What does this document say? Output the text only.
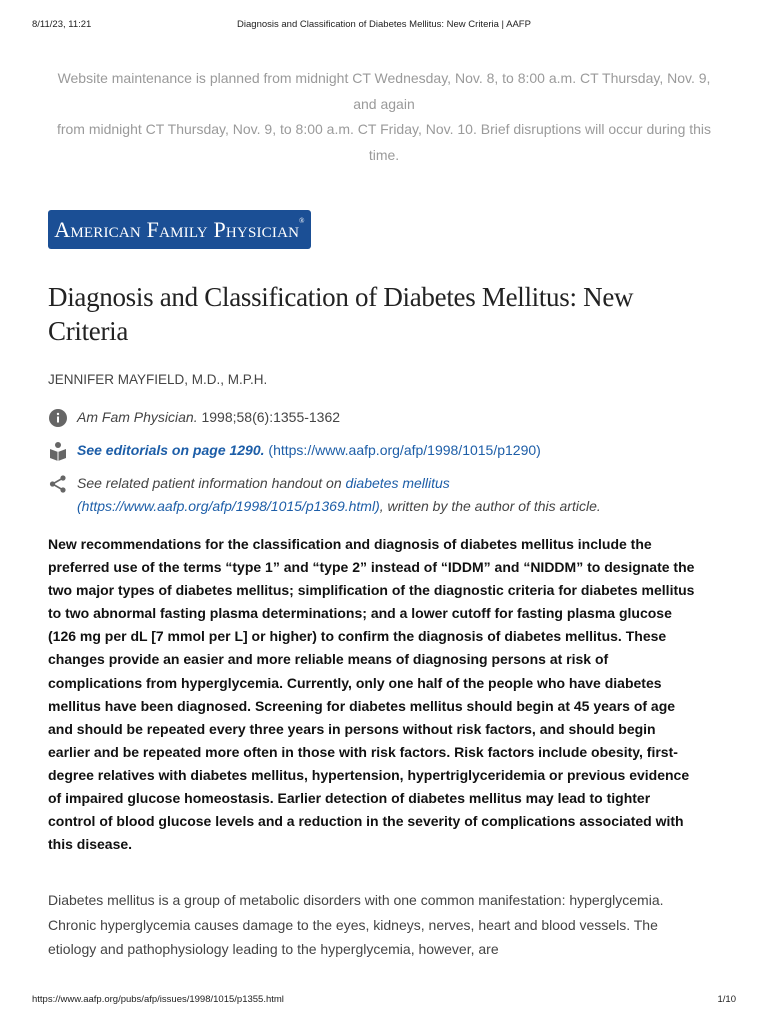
8/11/23, 11:21	Diagnosis and Classification of Diabetes Mellitus: New Criteria | AAFP
Website maintenance is planned from midnight CT Wednesday, Nov. 8, to 8:00 a.m. CT Thursday, Nov. 9, and again
from midnight CT Thursday, Nov. 9, to 8:00 a.m. CT Friday, Nov. 10. Brief disruptions will occur during this time.
American Family Physician®
Diagnosis and Classification of Diabetes Mellitus: New Criteria
JENNIFER MAYFIELD, M.D., M.P.H.
Am Fam Physician. 1998;58(6):1355-1362
See editorials on page 1290. (https://www.aafp.org/afp/1998/1015/p1290)
See related patient information handout on diabetes mellitus
(https://www.aafp.org/afp/1998/1015/p1369.html), written by the author of this article.

New recommendations for the classification and diagnosis of diabetes mellitus include the preferred use of the terms “type 1” and “type 2” instead of “IDDM” and “NIDDM” to designate the two major types of diabetes mellitus; simplification of the diagnostic criteria for diabetes mellitus to two abnormal fasting plasma determinations; and a lower cutoff for fasting plasma glucose (126 mg per dL [7 mmol per L] or higher) to confirm the diagnosis of diabetes mellitus. These changes provide an easier and more reliable means of diagnosing persons at risk of complications from hyperglycemia. Currently, only one half of the people who have diabetes mellitus have been diagnosed. Screening for diabetes mellitus should begin at 45 years of age and should be repeated every three years in persons without risk factors, and should begin earlier and be repeated more often in those with risk factors. Risk factors include obesity, first-degree relatives with diabetes mellitus, hypertension, hypertriglyceridemia or previous evidence of impaired glucose homeostasis. Earlier detection of diabetes mellitus may lead to tighter control of blood glucose levels and a reduction in the severity of complications associated with this disease.

Diabetes mellitus is a group of metabolic disorders with one common manifestation: hyperglycemia. Chronic hyperglycemia causes damage to the eyes, kidneys, nerves, heart and blood vessels. The etiology and pathophysiology leading to the hyperglycemia, however, are

https://www.aafp.org/pubs/afp/issues/1998/1015/p1355.html	1/10
